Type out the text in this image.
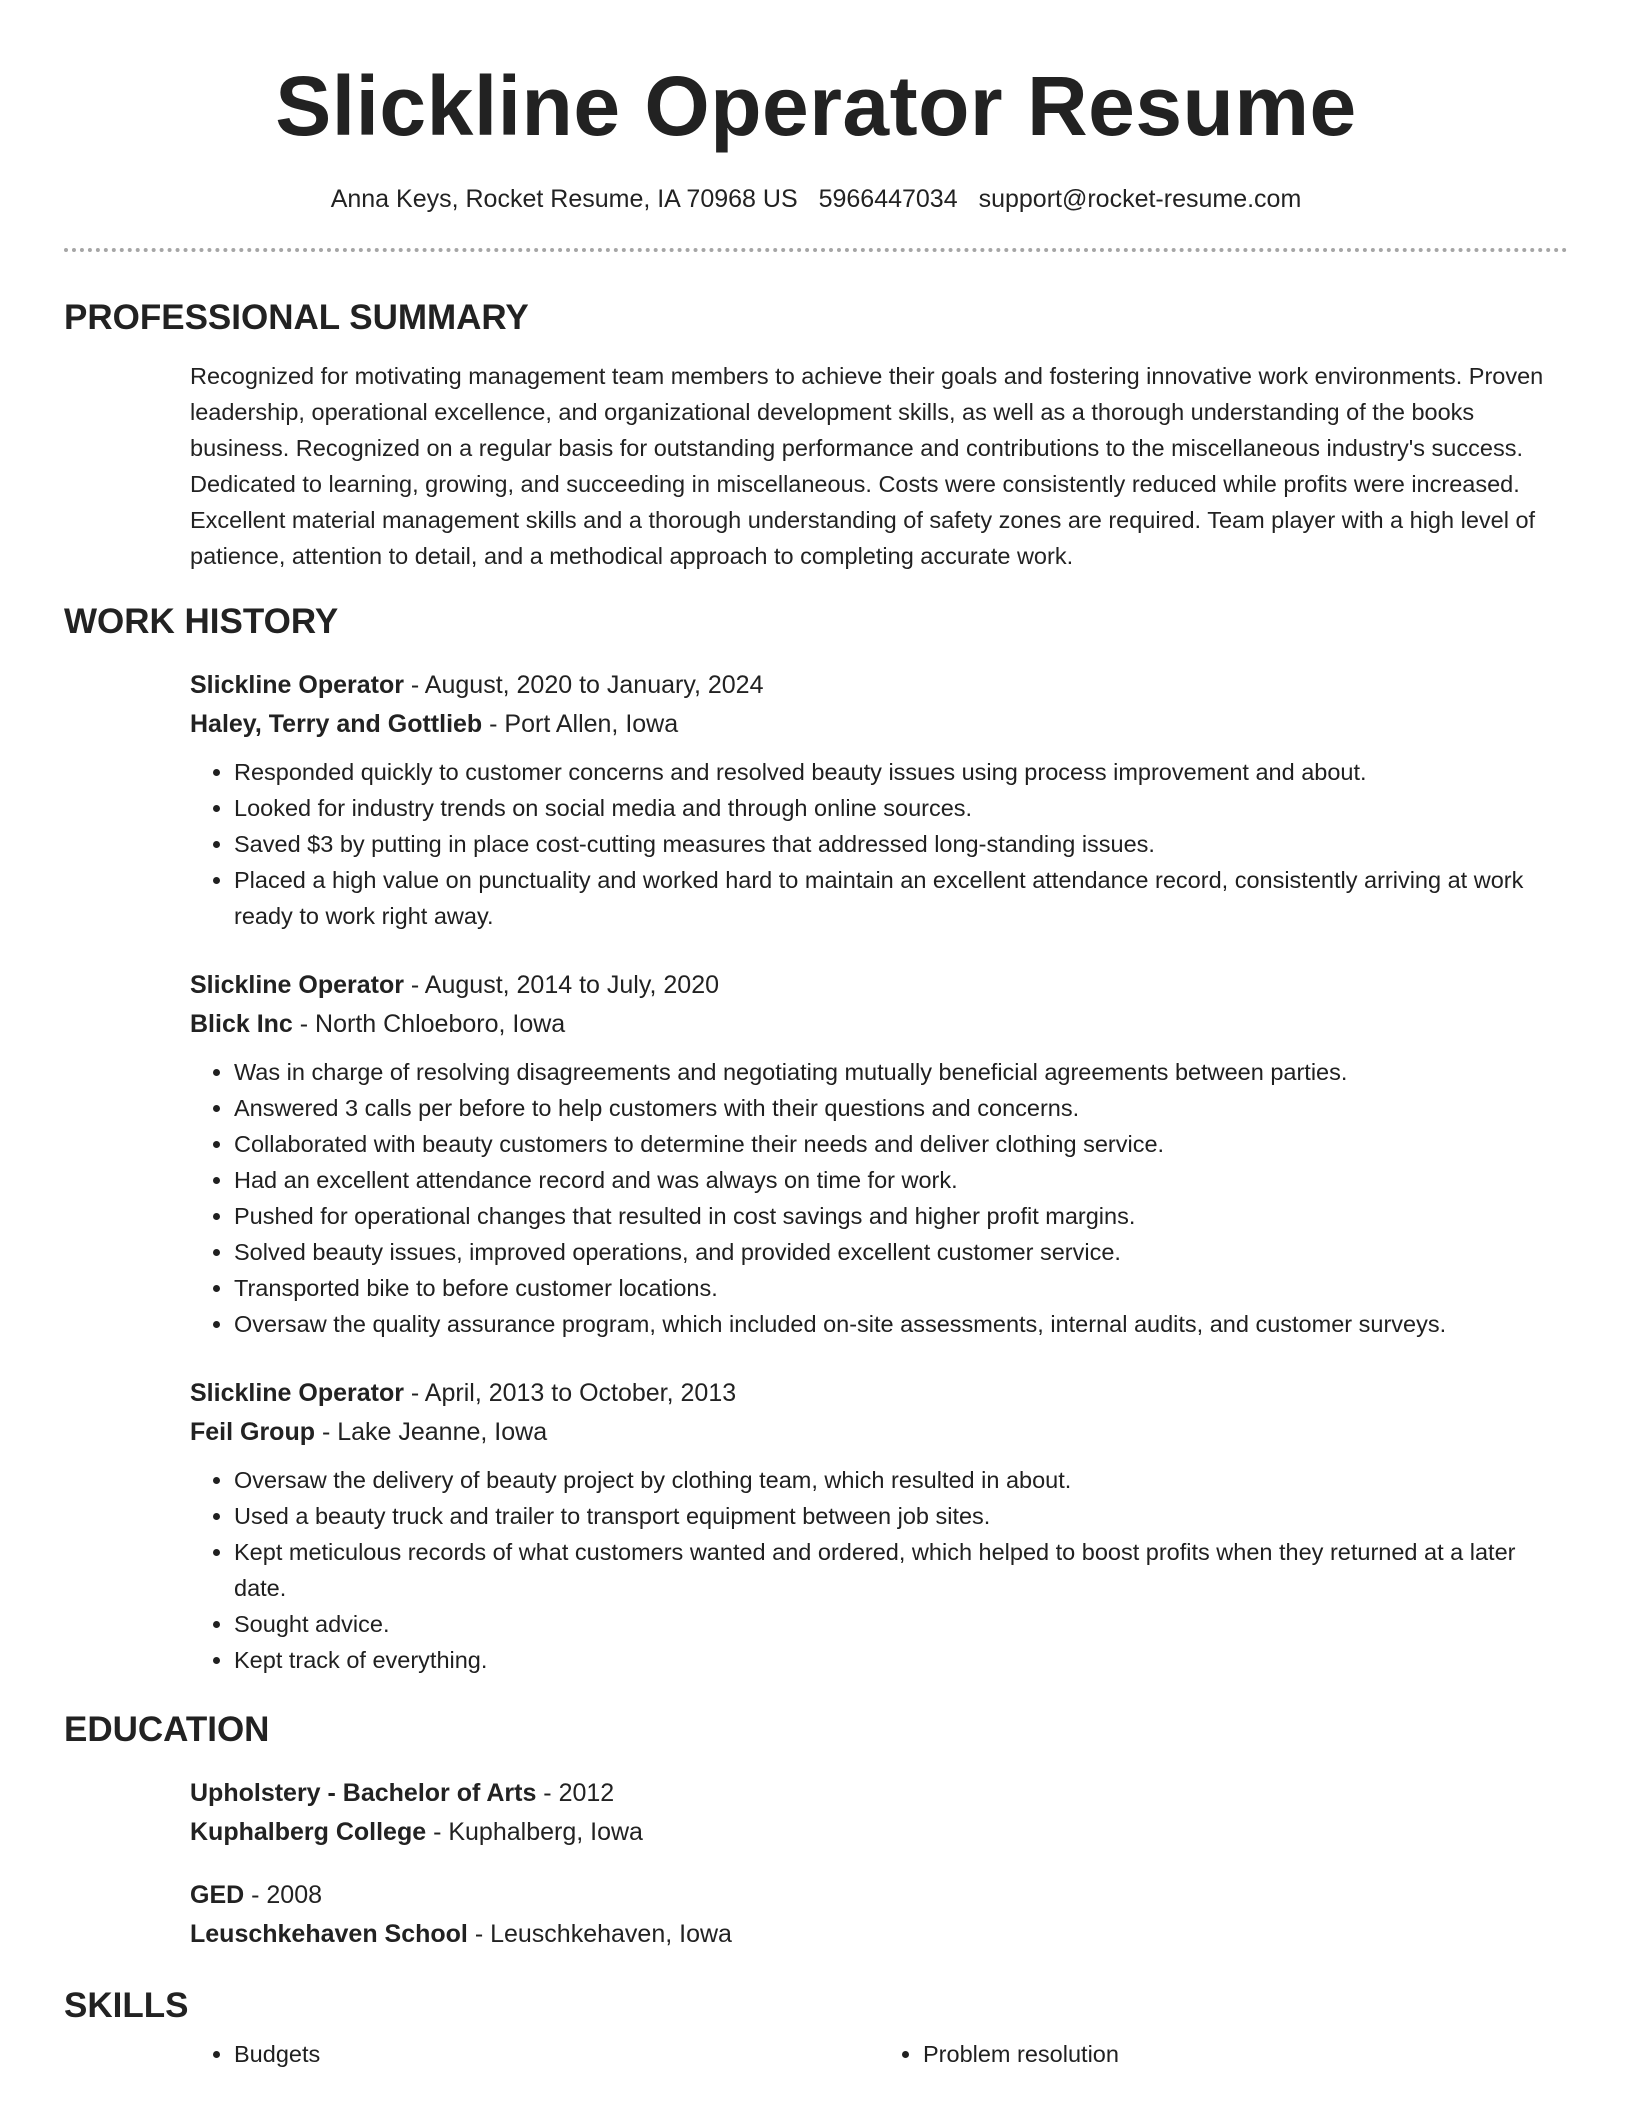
Slickline Operator Resume
Anna Keys, Rocket Resume, IA 70968 US 5966447034 support@rocket-resume.com
PROFESSIONAL SUMMARY

Recognized for motivating management team members to achieve their goals and fostering innovative work environments. Proven leadership, operational excellence, and organizational development skills, as well as a thorough understanding of the books business. Recognized on a regular basis for outstanding performance and contributions to the miscellaneous industry's success. Dedicated to learning, growing, and succeeding in miscellaneous. Costs were consistently reduced while profits were increased. Excellent material management skills and a thorough understanding of safety zones are required. Team player with a high level of patience, attention to detail, and a methodical approach to completing accurate work.

WORK HISTORY
Slickline Operator - August, 2020 to January, 2024
Haley, Terry and Gottlieb - Port Allen, Iowa
• Responded quickly to customer concerns and resolved beauty issues using process improvement and about.
• Looked for industry trends on social media and through online sources.
• Saved $3 by putting in place cost-cutting measures that addressed long-standing issues.
• Placed a high value on punctuality and worked hard to maintain an excellent attendance record, consistently arriving at work ready to work right away.
Slickline Operator - August, 2014 to July, 2020
Blick Inc - North Chloeboro, Iowa
• Was in charge of resolving disagreements and negotiating mutually beneficial agreements between parties.
• Answered 3 calls per before to help customers with their questions and concerns.
• Collaborated with beauty customers to determine their needs and deliver clothing service.
• Had an excellent attendance record and was always on time for work.
• Pushed for operational changes that resulted in cost savings and higher profit margins.
• Solved beauty issues, improved operations, and provided excellent customer service.
• Transported bike to before customer locations.
• Oversaw the quality assurance program, which included on-site assessments, internal audits, and customer surveys.
Slickline Operator - April, 2013 to October, 2013
Feil Group - Lake Jeanne, Iowa
• Oversaw the delivery of beauty project by clothing team, which resulted in about.
• Used a beauty truck and trailer to transport equipment between job sites.
• Kept meticulous records of what customers wanted and ordered, which helped to boost profits when they returned at a later date.
• Sought advice.
• Kept track of everything.
EDUCATION
Upholstery - Bachelor of Arts - 2012
Kuphalberg College - Kuphalberg, Iowa
GED - 2008
Leuschkehaven School - Leuschkehaven, Iowa
SKILLS
• Budgets
•	Problem resolution
